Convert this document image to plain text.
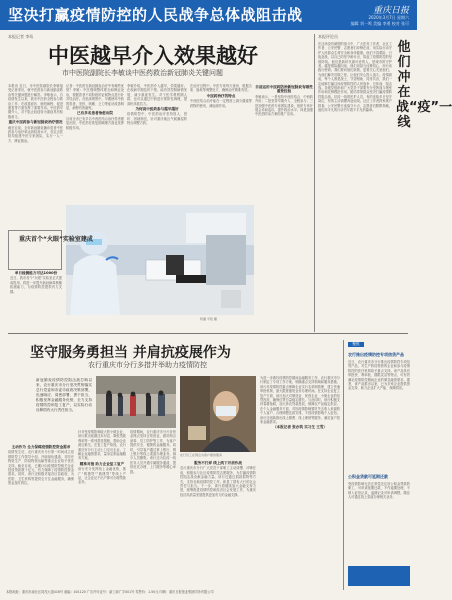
坚决打赢疫情防控的人民战争总体战阻击战	重庆日报
2020年3月7日 星期六
编辑 刘一鸣 美编 李勇 校对 张可
本报记者 李珩
中医越早介入效果越好
市中医院副院长李敏谈中医药救治新冠肺炎关键问题
本报讯 近日，市中医院副院长李敏接受记者采访，就中医药参与新冠肺炎救治等关键问题进行解答。李敏表示，自疫情发生以来，我市中医药全程参与救治工作，在改善症状、缩短病程、促进康复等方面发挥了重要作用。中医药早期介入，对于阻止轻症转为重症具有积极意义。
重庆中医药参与新冠肺炎治疗情况
截至目前，全市新冠肺炎确诊患者中医药参与治疗率达到较高水平，各定点医院均组建中医专家团队，实行一人一方、辨证施治。
记者：中医药在新冠肺炎治疗中有哪些优势？李敏：中医强调整体观念和辨证论治，根据患者不同阶段的证候特点进行针对性治疗。在临床观察中，早期使用中药的患者，发热、咳嗽、乏力等症状改善明显，病程有所缩短。
已有多名患者治愈出院
目前全市已有多名中西医结合治疗患者康复出院，中医药在恢复期调理方面也发挥积极作用。
李敏介绍，中医药介入越早，效果越好。在疾病早期及时干预，能有效控制病情发展，减少重症发生。对于医学观察期人群，也可以通过中药进行预防性调理，提高机体抵抗力。
为何说中医药参与越早越好
疫情防控中，中医药治疗坚持因人、因时、因地制宜，针对重庆地区气候潮湿的特点调整方药。
在治疗过程中，中医专家每天查房，根据舌象、脉象等调整处方，确保治疗精准有效。
中医药治疗的特点
中西医结合治疗能在一定程度上减少激素等药物的使用，减轻副作用。
目前运用中医药防治新冠肺炎有哪些重要经验
李敏表示，一是坚持中西医结合、中西药并用；二是坚持早期介入、全程参与；三是加强中医药专家团队建设，组织专家开展会诊和巡诊，提升救治水平；四是加强中医药防治方案的推广应用。
特邀 平报 摄
重庆首个“火眼”实验室建成
单日检测能力可达1000份
近日，我市首个“火眼”实验室正式建成投用，将进一步提升新冠病毒核酸检测能力，为疫情防控提供有力支撑。
本报评论员
他们冲在战“疫”一线
在这场没有硝烟的战斗中，广大医务工作者、社区工作者、公安民警、志愿者们冲锋在前，用实际行动守护人民群众生命安全和身体健康。他们不畏艰险、日夜奋战，以自己的坚守和付出，筑起了疫情防控的坚固防线。他们是新时代最可爱的人，是城市的守护者。越是艰险越向前，他们用担当诠释初心，用行动践行使命。我们要向他们致敬，更要关心关爱他们，为他们解决后顾之忧，让他们安心投入战斗。疫情面前，每个人都是战士，守望相助、同舟共济，我们一定能够打赢这场疫情防控的人民战争、总体战、阻击战。各级党组织和广大党员干部要充分发挥战斗堡垒作用和先锋模范作用，团结带领群众坚决打赢疫情防控阻击战。抗疫一线的医护人员，有的连续多日坚守岗位，有的主动请缨奔赴前线。社区工作者挨家挨户排查，公安民警日夜值守卡点，志愿者们默默奉献。他们用平凡的行动书写着不平凡的篇章。
坚守服务勇担当 并肩抗疫展作为
农行重庆市分行多措并举助力疫情防控
新冠肺炎疫情防控阻击战打响以来，农行重庆市分行坚决贯彻落实总行党委和市委市政府决策部署，迅速响应、周密部署、勇于担当，积极发挥金融服务优势，全力支持疫情防控和复工复产，以实际行动诠释国有大行责任担当。
农行员工在网点为客户提供服务
主动作为 全力保障疫情防控资金需求
疫情发生后，农行重庆市分行第一时间成立疫情防控工作领导小组，开辟绿色通道，对医疗物资生产、防疫物资运输等重点企业给予优先支持。截至目前，已累计向疫情防控相关企业投放贷款数十亿元，有力保障了疫情防控资金需求。同时，该行还积极对接各区县政府，为医院、卫生机构等提供全方位金融服务，确保资金及时到位。
针对受疫情影响较大的小微企业，该行推出延期还本付息、降低贷款利率等一系列帮扶措施，帮助企业渡过难关。在复工复产阶段，农行重庆市分行主动上门走访企业，了解企业融资需求，量身定制金融服务方案。
精准对接 助力企业复工复产
该行充分发挥线上金融优势，推广“网捷贷”“微捷贷”等线上产品，让企业足不出户即可办理贷款业务。
疫情期间，农行重庆市分行各营业网点坚持正常营业，做好网点消毒、员工防护等工作，为客户提供安全、便捷的金融服务。同时，引导客户通过掌上银行、网上银行等线上渠道办理业务，减少人员聚集。该行还为抗疫一线医务人员开通专属服务通道，提供优先办理、上门服务等暖心举措。
服务不打烊 线上线下并肩作战
农行重庆市分行广大党员干部职工主动请缨、冲锋在前，积极参与社区疫情防控志愿服务，为打赢疫情防控阻击战贡献金融力量。该行还通过捐款捐物等方式，支持各地疫情防控工作，彰显了国有大行的社会责任与担当。下一步，该行将继续加大金融支持力度，统筹推进疫情防控和经济社会发展工作，为重庆经济高质量发展提供更加有力的金融支撑。
为进一步做好疫情防控期间金融服务工作，农行重庆市分行制定了专项工作方案，明确重点支持领域和服务措施。该行对疫情防控重点保障企业实行名单制管理，建立快速审批机制，最大限度缩短业务办理时间。在支持企业复工复产方面，该行加大对制造业、民营企业、小微企业的信贷投放，确保信贷总量稳定增长。与此同时，该行积极支持春耕备耕，加大涉农贷款投放，保障农产品稳定供应。在个人金融服务方面，对因疫情影响暂时失去收入来源的个人客户，合理调整还款安排，不因疫情影响个人征信。该行还创新推出线上缴费、线上理财等服务，满足客户居家金融需求。
（本报记者 张亦筑 实习生 王雪）
聚焦
农行推出疫情防控专项信贷产品
近日，农行重庆市分行推出疫情防控专项信贷产品，对生产防疫物资的企业和参与疫情防控的医疗机构给予重点支持。该产品具有审批快、利率低、期限灵活等特点，可有效满足疫情防控期间企业的紧急融资需求。据悉，该产品推出以来，已为多家企业提供资金支持，助力企业扩大产能、保障供应。
公积金贷款可延期还款
受疫情影响无法正常偿还住房公积金贷款的职工，可申请延期还款，不作逾期处理，不纳入征信记录，逾期记录可申请调整。缴存人可通过线上渠道办理相关业务。
本报地址：重庆市渝北区同茂大道416号 邮编：401120 广告许可证号：渝工商广字001号 零售价：1.50元 印刷：重庆日报报业集团印务有限公司
